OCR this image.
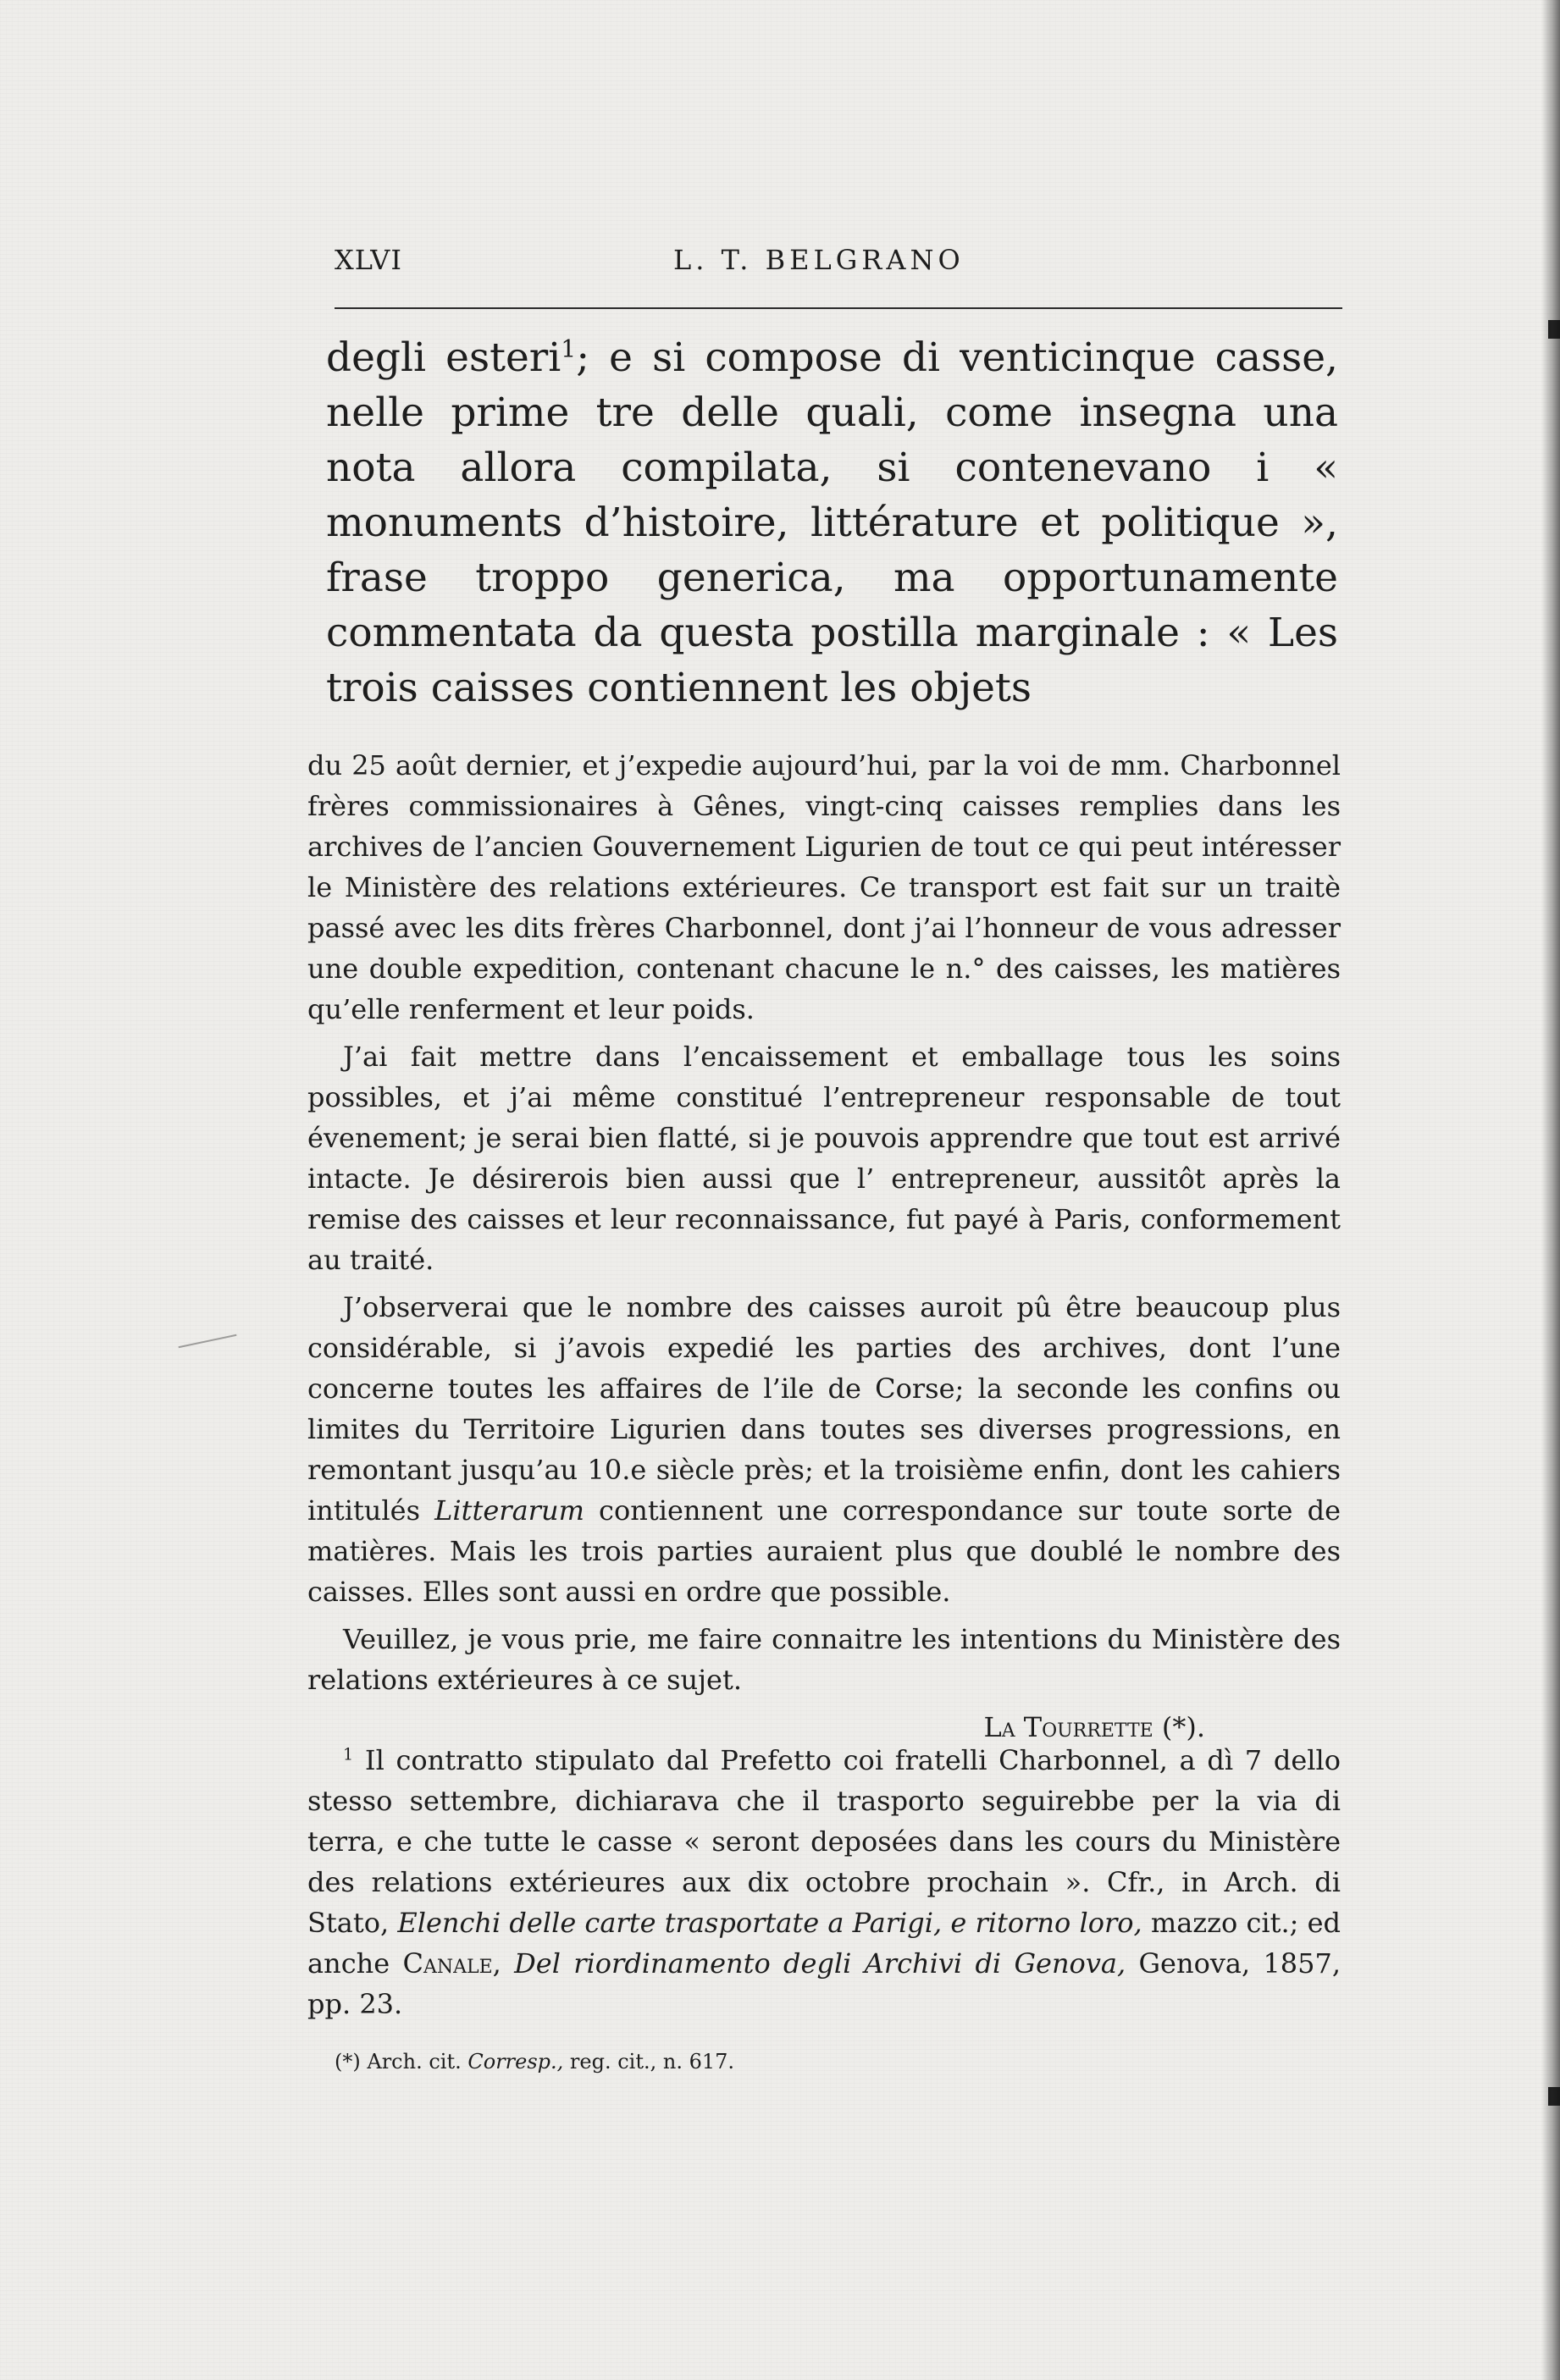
XLVI	L. T. BELGRANO
degli esteri$^1$; e si compose di venticinque casse, nelle prime tre delle quali, come insegna una nota allora compilata, si contenevano i « monuments d’histoire, littérature et politique », frase troppo generica, ma opportunamente commentata da questa postilla marginale : « Les trois caisses contiennent les objets

du 25 août dernier, et j’expedie aujourd’hui, par la voi de mm. Charbonnel frères commissionaires à Gênes, vingt-cinq caisses remplies dans les archives de l’ancien Gouvernement Ligurien de tout ce qui peut intéresser le Ministère des relations extérieures. Ce transport est fait sur un traitè passé avec les dits frères Charbonnel, dont j’ai l’honneur de vous adresser une double expedition, contenant chacune le n.° des caisses, les matières qu’elle renferment et leur poids.

J’ai fait mettre dans l’encaissement et emballage tous les soins possibles, et j’ai même constitué l’entrepreneur responsable de tout évenement; je serai bien flatté, si je pouvois apprendre que tout est arrivé intacte. Je désirerois bien aussi que l’ entrepreneur, aussitôt après la remise des caisses et leur reconnaissance, fut payé à Paris, conformement au traité.

J’observerai que le nombre des caisses auroit pû être beaucoup plus considérable, si j’avois expedié les parties des archives, dont l’une concerne toutes les affaires de l’ile de Corse; la seconde les confins ou limites du Territoire Ligurien dans toutes ses diverses progressions, en remontant jusqu’au 10.e siècle près; et la troisième enfin, dont les cahiers intitulés Litterarum contiennent une correspondance sur toute sorte de matières. Mais les trois parties auraient plus que doublé le nombre des caisses. Elles sont aussi en ordre que possible.

Veuillez, je vous prie, me faire connaitre les intentions du Ministère des relations extérieures à ce sujet.

La Tourrette (*).
$^1$ Il contratto stipulato dal Prefetto coi fratelli Charbonnel, a dì 7 dello stesso settembre, dichiarava che il trasporto seguirebbe per la via di terra, e che tutte le casse « seront deposées dans les cours du Ministère des relations extérieures aux dix octobre prochain ». Cfr., in Arch. di Stato, Elenchi delle carte trasportate a Parigi, e ritorno loro, mazzo cit.; ed anche Canale, Del riordinamento degli Archivi di Genova, Genova, 1857, pp. 23.
(*) Arch. cit. Corresp., reg. cit., n. 617.
